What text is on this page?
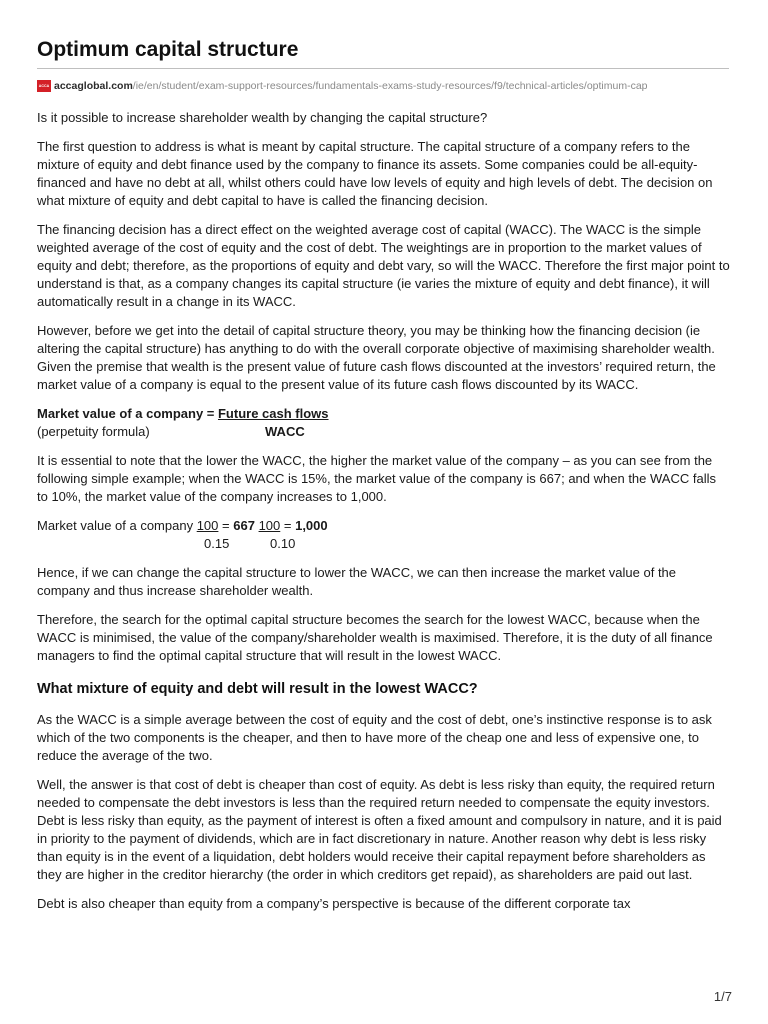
Optimum capital structure
ACCA accaglobal.com /ie/en/student/exam-support-resources/fundamentals-exams-study-resources/f9/technical-articles/optimum-cap

Is it possible to increase shareholder wealth by changing the capital structure?

The first question to address is what is meant by capital structure. The capital structure of a company refers to the mixture of equity and debt finance used by the company to finance its assets. Some companies could be all-equity-financed and have no debt at all, whilst others could have low levels of equity and high levels of debt. The decision on what mixture of equity and debt capital to have is called the financing decision.

The financing decision has a direct effect on the weighted average cost of capital (WACC). The WACC is the simple weighted average of the cost of equity and the cost of debt. The weightings are in proportion to the market values of equity and debt; therefore, as the proportions of equity and debt vary, so will the WACC. Therefore the first major point to understand is that, as a company changes its capital structure (ie varies the mixture of equity and debt finance), it will automatically result in a change in its WACC.

However, before we get into the detail of capital structure theory, you may be thinking how the financing decision (ie altering the capital structure) has anything to do with the overall corporate objective of maximising shareholder wealth. Given the premise that wealth is the present value of future cash flows discounted at the investors’ required return, the market value of a company is equal to the present value of its future cash flows discounted by its WACC.

Market value of a company = Future cash flows
(perpetuity formula)	WACC

It is essential to note that the lower the WACC, the higher the market value of the company – as you can see from the following simple example; when the WACC is 15%, the market value of the company is 667; and when the WACC falls to 10%, the market value of the company increases to 1,000.

Market value of a company 100 = 667 100 = 1,000
0.15	0.10

Hence, if we can change the capital structure to lower the WACC, we can then increase the market value of the company and thus increase shareholder wealth.

Therefore, the search for the optimal capital structure becomes the search for the lowest WACC, because when the WACC is minimised, the value of the company/shareholder wealth is maximised. Therefore, it is the duty of all finance managers to find the optimal capital structure that will result in the lowest WACC.

What mixture of equity and debt will result in the lowest WACC?

As the WACC is a simple average between the cost of equity and the cost of debt, one’s instinctive response is to ask which of the two components is the cheaper, and then to have more of the cheap one and less of expensive one, to reduce the average of the two.

Well, the answer is that cost of debt is cheaper than cost of equity. As debt is less risky than equity, the required return needed to compensate the debt investors is less than the required return needed to compensate the equity investors. Debt is less risky than equity, as the payment of interest is often a fixed amount and compulsory in nature, and it is paid in priority to the payment of dividends, which are in fact discretionary in nature. Another reason why debt is less risky than equity is in the event of a liquidation, debt holders would receive their capital repayment before shareholders as they are higher in the creditor hierarchy (the order in which creditors get repaid), as shareholders are paid out last.

Debt is also cheaper than equity from a company’s perspective is because of the different corporate tax

1/7
